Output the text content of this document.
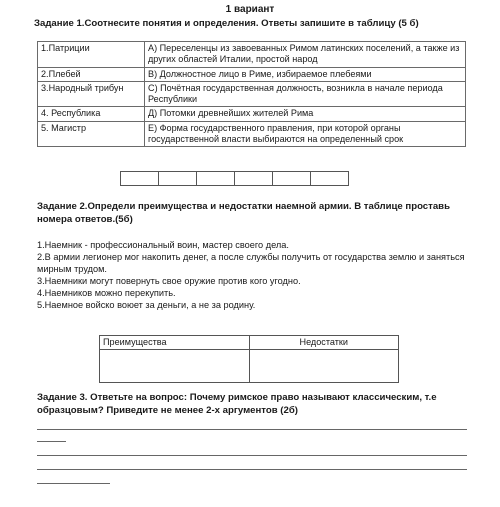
1 вариант
Задание 1.Соотнесите понятия и определения. Ответы запишите в таблицу (5 б)
1.Патриции	А) Переселенцы из завоеванных Римом латинских поселений, а также из других областей Италии, простой народ
2.Плебей	В) Должностное лицо в Риме, избираемое плебеями
3.Народный трибун	С) Почётная государственная должность, возникла в начале периода Республики
4. Республика	Д) Потомки древнейших жителей Рима
5. Магистр	Е) Форма государственного правления, при которой органы государственной власти выбираются на определенный срок

Задание 2.Определи преимущества и недостатки наемной армии. В таблице проставь номера ответов.(5б)
1.Наемник - профессиональный воин, мастер своего дела.
2.В армии легионер мог накопить денег, а после службы получить от государства землю и заняться мирным трудом.
3.Наемники могут повернуть свое оружие против кого угодно.
4.Наемников можно перекупить.
5.Наемное войско воюет за деньги, а не за родину.
Преимущества	Недостатки

Задание 3. Ответьте на вопрос: Почему римское право называют классическим, т.е образцовым? Приведите не менее 2-х аргументов (2б)
